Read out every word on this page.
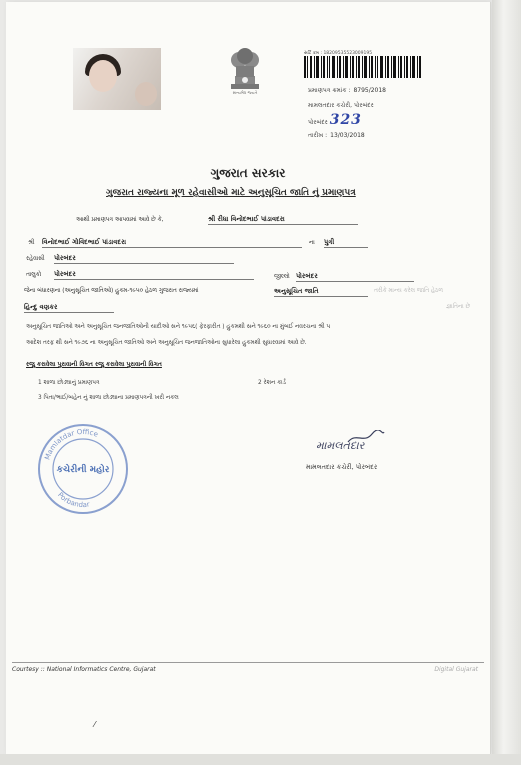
સત્યમેવ જયતે
સર્ટિ ક્રમ : 18209535523009195
પ્રમાણપત્ર ક્રમાંક : 8795/2018
મામલતદાર કચેરી, પોરબંદર
પોરબંદર 323
તારીખ : 13/03/2018
ગુજરાત સરકાર
ગુજરાત રાજ્યના મૂળ રહેવાસીઓ માટે અનુસૂચિત જાતિ નું પ્રમાણપત્ર
આથી પ્રમાણપત્ર આપવામાં આવે છે કે,	શ્રી રીધા વિનોદભાઈ પાંડાવદરા
શ્રી વિનોદભાઈ ગોવિંદભાઈ પાંડાવદરા	ના પુત્રી
રહેવાસી પોરબંદર
તાલુકો પોરબંદર	જીલ્લો પોરબંદર
જેના બંધારણના (અનુસૂચિત જાતિઓ) હુકમ-૧૯૫૦ હેઠળ ગુજરાત રાજ્યમાં	અનુસૂચિત જાતિ	તરીકે માન્ય કરેલ જાતિ હેઠળ
હિન્દુ વણકર	જ્ઞાતિના છે
અનુસૂચિત જાતિઓ અને અનુસૂચિત જનજાતિઓની યાદીઓ સને ૧૯૫૬( ફેરફારીત ) હુકમથી સને ૧૯૬૦ ના મુંબઈ નવરચના શ્રી પ
આદેશ તરફ થી સને ૧૯૭૬ ના અનુસૂચિત જાતિઓ અને અનુસૂચિત જનજાતિઓના સુધારેલા હુકમથી સુધારવામાં આવે છે.
રજુ કરાવેલા પુરાવાની વિગત રજુ કરાવેલા પુરાવાની વિગત
1 શાળા છોડ્યાનું પ્રમાણપત્ર	2 રેશન કાર્ડ
3 પિતા/ભાઈ/બહેન નું શાળા છોડ્યાના પ્રમાણપત્રની ખરી નકલ
Mamlatdar Office
Porbandar
કચેરીની મહોર
મામલતદાર
મામલતદાર કચેરી, પોરબંદર
Courtesy :: National Informatics Centre, Gujarat	Digital Gujarat
⁄
